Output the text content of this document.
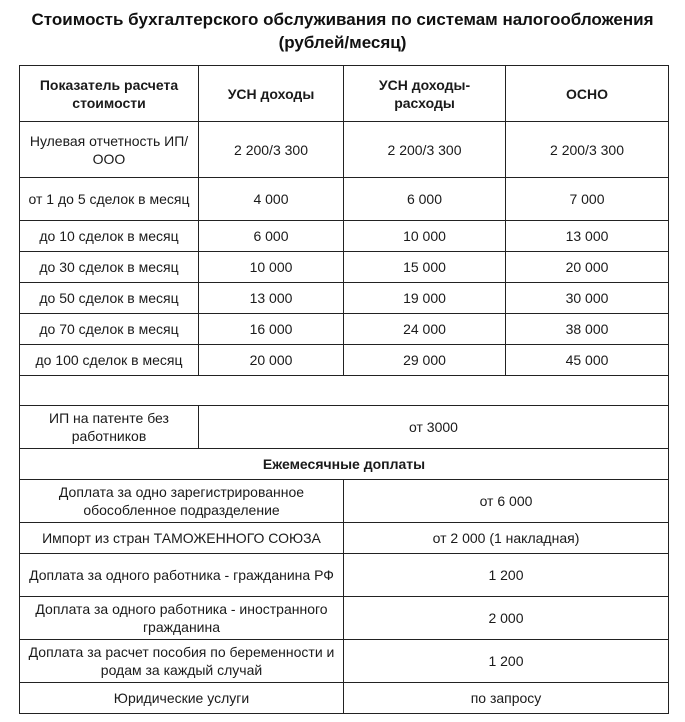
Стоимость бухгалтерского обслуживания по системам налогообложения
(рублей/месяц)
Показатель расчета стоимости	УСН доходы	УСН доходы-расходы	ОСНО
Нулевая отчетность ИП/ООО	2 200/3 300	2 200/3 300	2 200/3 300
от 1 до 5 сделок в месяц	4 000	6 000	7 000
до 10 сделок в месяц	6 000	10 000	13 000
до 30 сделок в месяц	10 000	15 000	20 000
до 50 сделок в месяц	13 000	19 000	30 000
до 70 сделок в месяц	16 000	24 000	38 000
до 100 сделок в месяц	20 000	29 000	45 000

ИП на патенте без работников	от 3000		
Ежемесячные доплаты			
Доплата за одно зарегистрированное обособленное подразделение		от 6 000	
Импорт из стран ТАМОЖЕННОГО СОЮЗА		от 2 000 (1 накладная)	
Доплата за одного работника - гражданина РФ		1 200	
Доплата за одного работника - иностранного гражданина		2 000	
Доплата за расчет пособия по беременности и родам за каждый случай		1 200	
Юридические услуги		по запросу	
